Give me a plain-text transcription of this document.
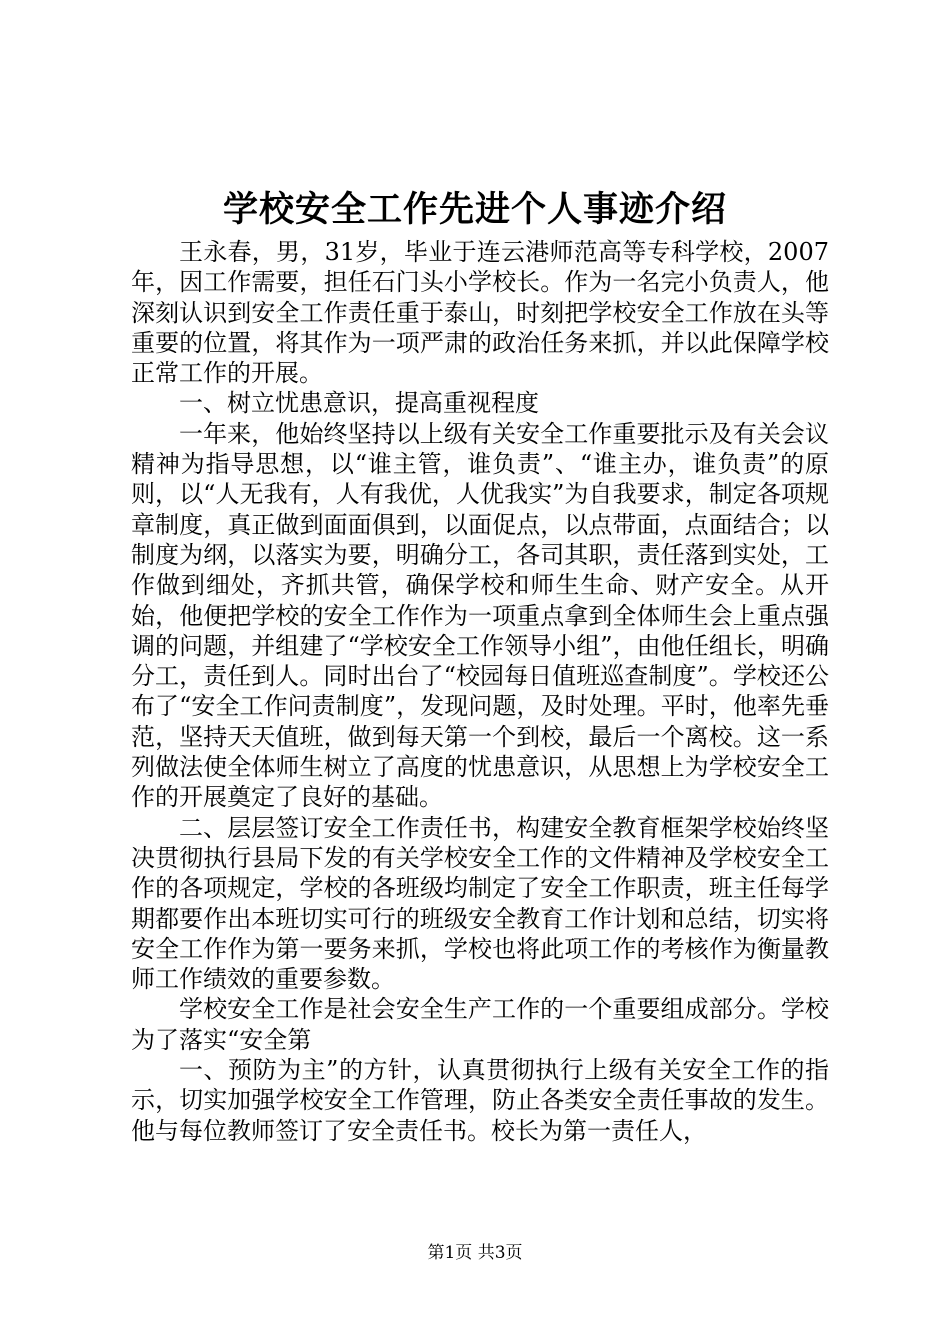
学校安全工作先进个人事迹介绍

王永春，男，31岁，毕业于连云港师范高等专科学校，2007年，因工作需要，担任石门头小学校长。作为一名完小负责人，他深刻认识到安全工作责任重于泰山，时刻把学校安全工作放在头等重要的位置，将其作为一项严肃的政治任务来抓，并以此保障学校正常工作的开展。

一、树立忧患意识，提高重视程度

一年来，他始终坚持以上级有关安全工作重要批示及有关会议精神为指导思想，以“谁主管，谁负责”、“谁主办，谁负责”的原则，以“人无我有，人有我优，人优我实”为自我要求，制定各项规章制度，真正做到面面俱到，以面促点，以点带面，点面结合；以制度为纲，以落实为要，明确分工，各司其职，责任落到实处，工作做到细处，齐抓共管，确保学校和师生生命、财产安全。从开始，他便把学校的安全工作作为一项重点拿到全体师生会上重点强调的问题，并组建了“学校安全工作领导小组”，由他任组长，明确分工，责任到人。同时出台了“校园每日值班巡查制度”。学校还公布了“安全工作问责制度”，发现问题，及时处理。平时，他率先垂范，坚持天天值班，做到每天第一个到校，最后一个离校。这一系列做法使全体师生树立了高度的忧患意识，从思想上为学校安全工作的开展奠定了良好的基础。

二、层层签订安全工作责任书，构建安全教育框架学校始终坚决贯彻执行县局下发的有关学校安全工作的文件精神及学校安全工作的各项规定，学校的各班级均制定了安全工作职责，班主任每学期都要作出本班切实可行的班级安全教育工作计划和总结，切实将安全工作作为第一要务来抓，学校也将此项工作的考核作为衡量教师工作绩效的重要参数。

学校安全工作是社会安全生产工作的一个重要组成部分。学校为了落实“安全第

一、预防为主”的方针，认真贯彻执行上级有关安全工作的指示，切实加强学校安全工作管理，防止各类安全责任事故的发生。他与每位教师签订了安全责任书。校长为第一责任人，

第1页 共3页
